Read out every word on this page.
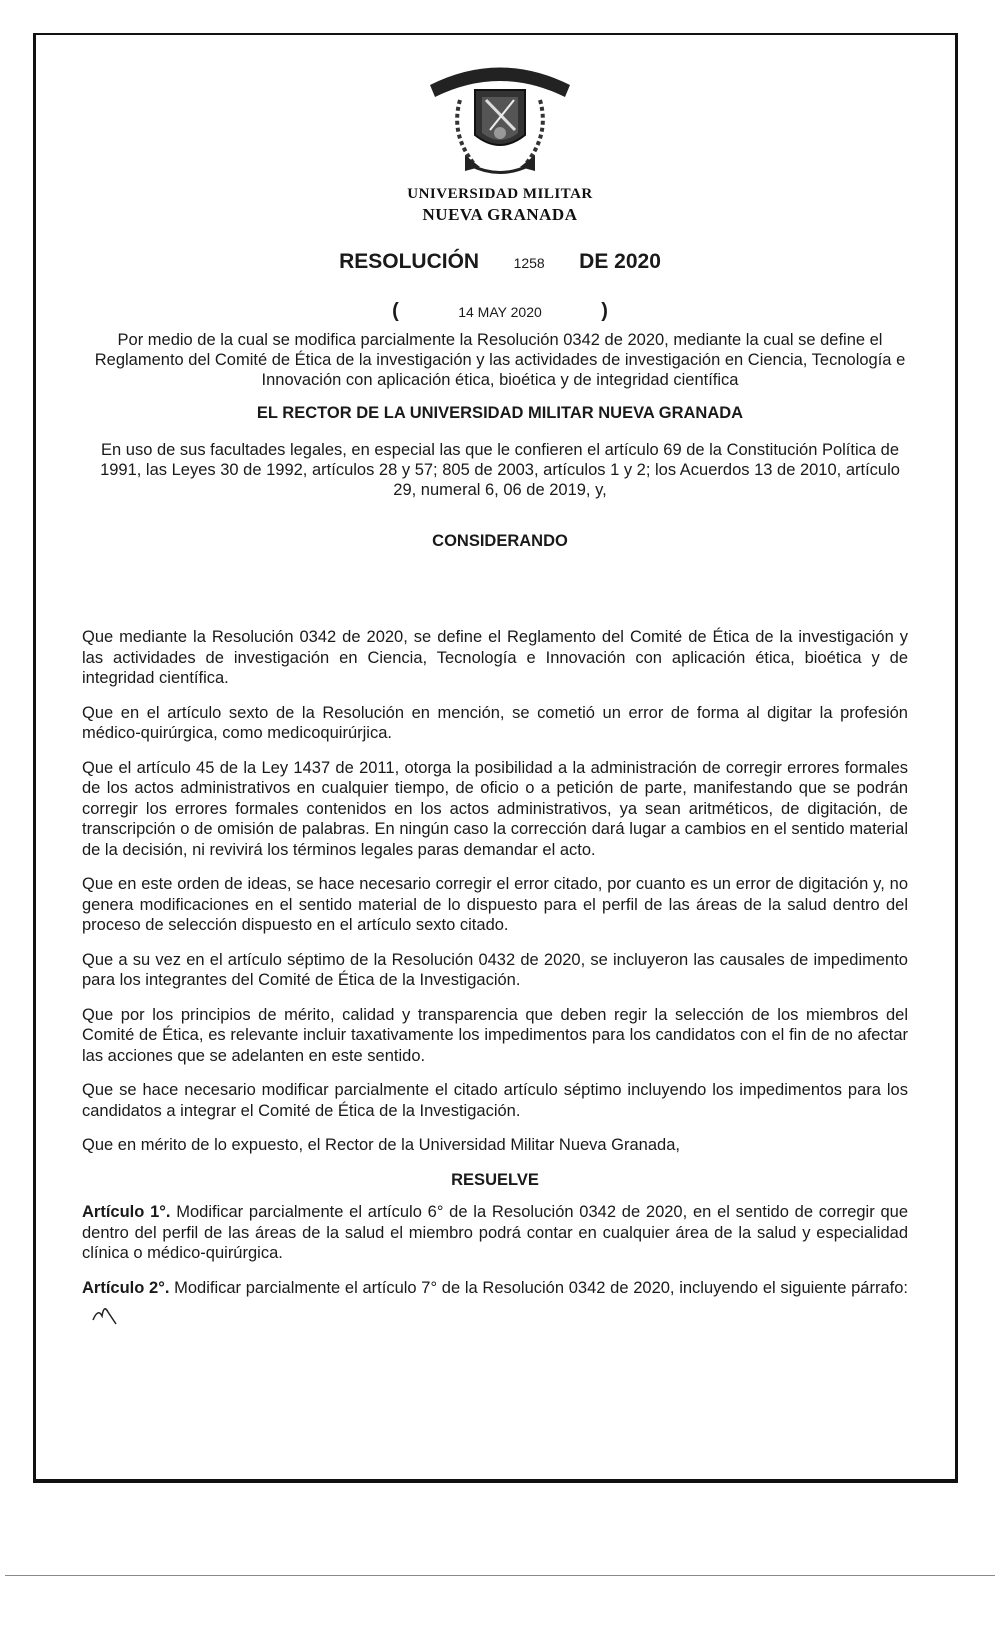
UNIVERSIDAD MILITAR
NUEVA GRANADA
RESOLUCIÓN 1258 DE 2020
(	14 MAY 2020	)
Por medio de la cual se modifica parcialmente la Resolución 0342 de 2020, mediante la cual se define el Reglamento del Comité de Ética de la investigación y las actividades de investigación en Ciencia, Tecnología e Innovación con aplicación ética, bioética y de integridad científica
EL RECTOR DE LA UNIVERSIDAD MILITAR NUEVA GRANADA
En uso de sus facultades legales, en especial las que le confieren el artículo 69 de la Constitución Política de 1991, las Leyes 30 de 1992, artículos 28 y 57; 805 de 2003, artículos 1 y 2; los Acuerdos 13 de 2010, artículo 29, numeral 6, 06 de 2019, y,
CONSIDERANDO

Que mediante la Resolución 0342 de 2020, se define el Reglamento del Comité de Ética de la investigación y las actividades de investigación en Ciencia, Tecnología e Innovación con aplicación ética, bioética y de integridad científica.

Que en el artículo sexto de la Resolución en mención, se cometió un error de forma al digitar la profesión médico-quirúrgica, como medicoquirúrjica.

Que el artículo 45 de la Ley 1437 de 2011, otorga la posibilidad a la administración de corregir errores formales de los actos administrativos en cualquier tiempo, de oficio o a petición de parte, manifestando que se podrán corregir los errores formales contenidos en los actos administrativos, ya sean aritméticos, de digitación, de transcripción o de omisión de palabras. En ningún caso la corrección dará lugar a cambios en el sentido material de la decisión, ni revivirá los términos legales paras demandar el acto.

Que en este orden de ideas, se hace necesario corregir el error citado, por cuanto es un error de digitación y, no genera modificaciones en el sentido material de lo dispuesto para el perfil de las áreas de la salud dentro del proceso de selección dispuesto en el artículo sexto citado.

Que a su vez en el artículo séptimo de la Resolución 0432 de 2020, se incluyeron las causales de impedimento para los integrantes del Comité de Ética de la Investigación.

Que por los principios de mérito, calidad y transparencia que deben regir la selección de los miembros del Comité de Ética, es relevante incluir taxativamente los impedimentos para los candidatos con el fin de no afectar las acciones que se adelanten en este sentido.

Que se hace necesario modificar parcialmente el citado artículo séptimo incluyendo los impedimentos para los candidatos a integrar el Comité de Ética de la Investigación.

Que en mérito de lo expuesto, el Rector de la Universidad Militar Nueva Granada,

RESUELVE

Artículo 1°. Modificar parcialmente el artículo 6° de la Resolución 0342 de 2020, en el sentido de corregir que dentro del perfil de las áreas de la salud el miembro podrá contar en cualquier área de la salud y especialidad clínica o médico-quirúrgica.

Artículo 2°. Modificar parcialmente el artículo 7° de la Resolución 0342 de 2020, incluyendo el siguiente párrafo:
